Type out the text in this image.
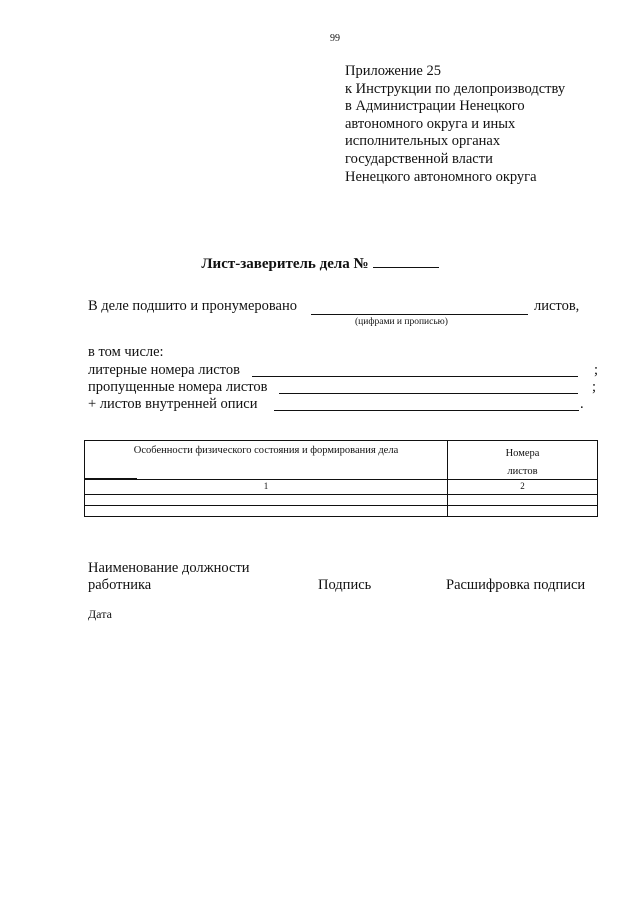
99
Приложение 25
к Инструкции по делопроизводству
в Администрации Ненецкого
автономного округа и иных
исполнительных органах
государственной власти
Ненецкого автономного округа
Лист-заверитель дела №
В деле подшито и пронумеровано	листов,
(цифрами и прописью)
в том числе:
литерные номера листов	;
пропущенные номера листов	;
+ листов внутренней описи	.
Особенности физического состояния и формирования дела	Номера
листов

1	2

Наименование должности
работника	Подпись	Расшифровка подписи
Дата
